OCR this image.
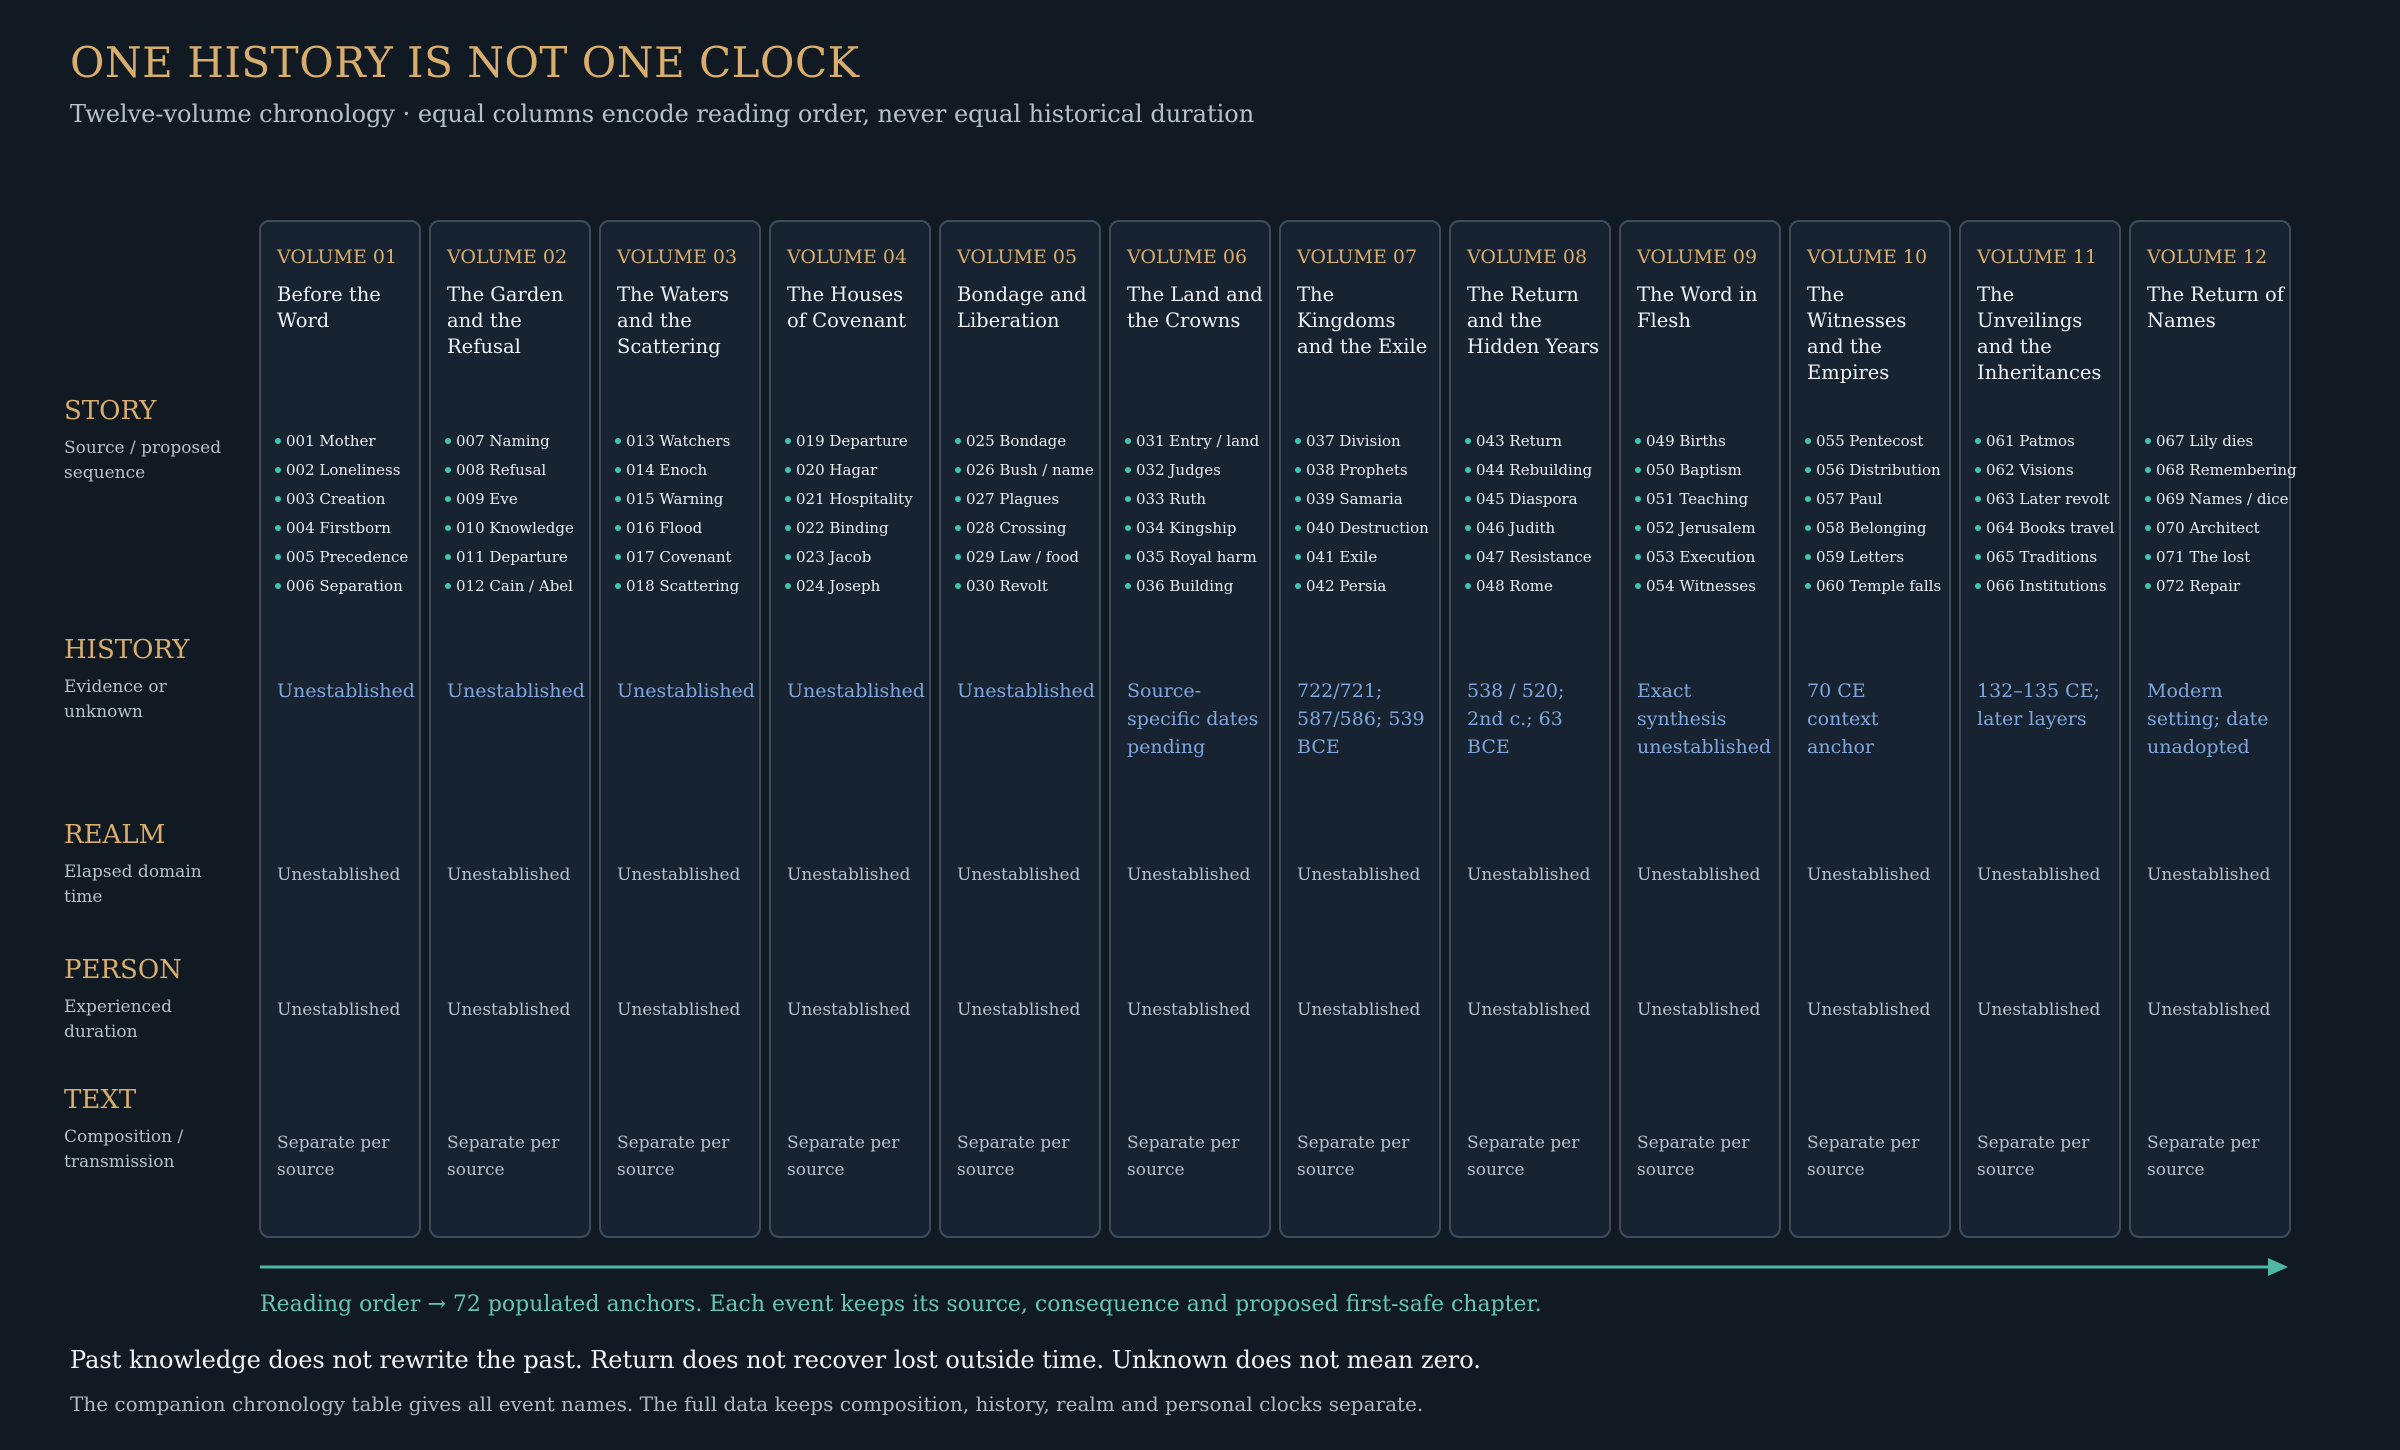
ONE HISTORY IS NOT ONE CLOCK
Twelve-volume chronology · equal columns encode reading order, never equal historical duration
STORY
Source / proposed sequence
HISTORY
Evidence or unknown
REALM
Elapsed domain time
PERSON
Experienced duration
TEXT
Composition / transmission
VOLUME 01
Before the Word
001 Mother
002 Loneliness
003 Creation
004 Firstborn
005 Precedence
006 Separation
Unestablished
Unestablished
Unestablished
Separate per source
VOLUME 02
The Garden and the Refusal
007 Naming
008 Refusal
009 Eve
010 Knowledge
011 Departure
012 Cain / Abel
Unestablished
Unestablished
Unestablished
Separate per source
VOLUME 03
The Waters and the Scattering
013 Watchers
014 Enoch
015 Warning
016 Flood
017 Covenant
018 Scattering
Unestablished
Unestablished
Unestablished
Separate per source
VOLUME 04
The Houses of Covenant
019 Departure
020 Hagar
021 Hospitality
022 Binding
023 Jacob
024 Joseph
Unestablished
Unestablished
Unestablished
Separate per source
VOLUME 05
Bondage and Liberation
025 Bondage
026 Bush / name
027 Plagues
028 Crossing
029 Law / food
030 Revolt
Unestablished
Unestablished
Unestablished
Separate per source
VOLUME 06
The Land and the Crowns
031 Entry / land
032 Judges
033 Ruth
034 Kingship
035 Royal harm
036 Building
Source-specific dates pending
Unestablished
Unestablished
Separate per source
VOLUME 07
The Kingdoms and the Exile
037 Division
038 Prophets
039 Samaria
040 Destruction
041 Exile
042 Persia
722/721; 587/586; 539 BCE
Unestablished
Unestablished
Separate per source
VOLUME 08
The Return and the Hidden Years
043 Return
044 Rebuilding
045 Diaspora
046 Judith
047 Resistance
048 Rome
538 / 520; 2nd c.; 63 BCE
Unestablished
Unestablished
Separate per source
VOLUME 09
The Word in Flesh
049 Births
050 Baptism
051 Teaching
052 Jerusalem
053 Execution
054 Witnesses
Exact synthesis unestablished
Unestablished
Unestablished
Separate per source
VOLUME 10
The Witnesses and the Empires
055 Pentecost
056 Distribution
057 Paul
058 Belonging
059 Letters
060 Temple falls
70 CE context anchor
Unestablished
Unestablished
Separate per source
VOLUME 11
The Unveilings and the Inheritances
061 Patmos
062 Visions
063 Later revolt
064 Books travel
065 Traditions
066 Institutions
132–135 CE; later layers
Unestablished
Unestablished
Separate per source
VOLUME 12
The Return of Names
067 Lily dies
068 Remembering
069 Names / dice
070 Architect
071 The lost
072 Repair
Modern setting; date unadopted
Unestablished
Unestablished
Separate per source
Reading order → 72 populated anchors. Each event keeps its source, consequence and proposed first-safe chapter.
Past knowledge does not rewrite the past. Return does not recover lost outside time. Unknown does not mean zero.
The companion chronology table gives all event names. The full data keeps composition, history, realm and personal clocks separate.
